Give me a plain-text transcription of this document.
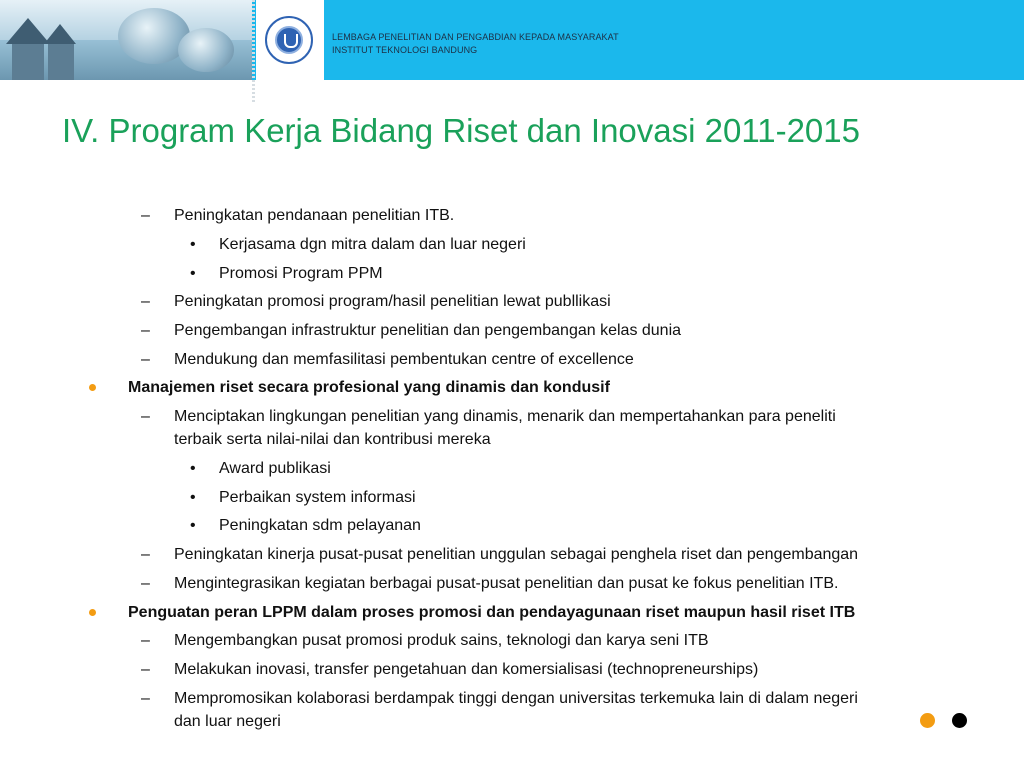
LEMBAGA PENELITIAN DAN PENGABDIAN KEPADA MASYARAKAT
INSTITUT TEKNOLOGI BANDUNG
IV. Program Kerja Bidang Riset dan Inovasi 2011-2015
– Peningkatan pendanaan penelitian ITB.
• Kerjasama dgn mitra dalam dan luar negeri
• Promosi Program PPM
– Peningkatan promosi program/hasil penelitian lewat publlikasi
– Pengembangan infrastruktur penelitian dan pengembangan kelas dunia
– Mendukung dan memfasilitasi pembentukan centre of excellence
Manajemen riset secara profesional yang dinamis dan kondusif
– Menciptakan lingkungan penelitian yang dinamis, menarik dan mempertahankan para peneliti
terbaik serta nilai-nilai dan kontribusi mereka
• Award publikasi
• Perbaikan system informasi
• Peningkatan sdm pelayanan
– Peningkatan kinerja pusat-pusat penelitian unggulan sebagai penghela riset dan pengembangan
– Mengintegrasikan kegiatan berbagai pusat-pusat penelitian dan pusat ke fokus penelitian ITB.
Penguatan peran LPPM dalam proses promosi dan pendayagunaan riset maupun hasil riset ITB
– Mengembangkan pusat promosi produk sains, teknologi dan karya seni ITB
– Melakukan inovasi, transfer pengetahuan dan komersialisasi (technopreneurships)
– Mempromosikan kolaborasi berdampak tinggi dengan universitas terkemuka lain di dalam negeri
dan luar negeri
